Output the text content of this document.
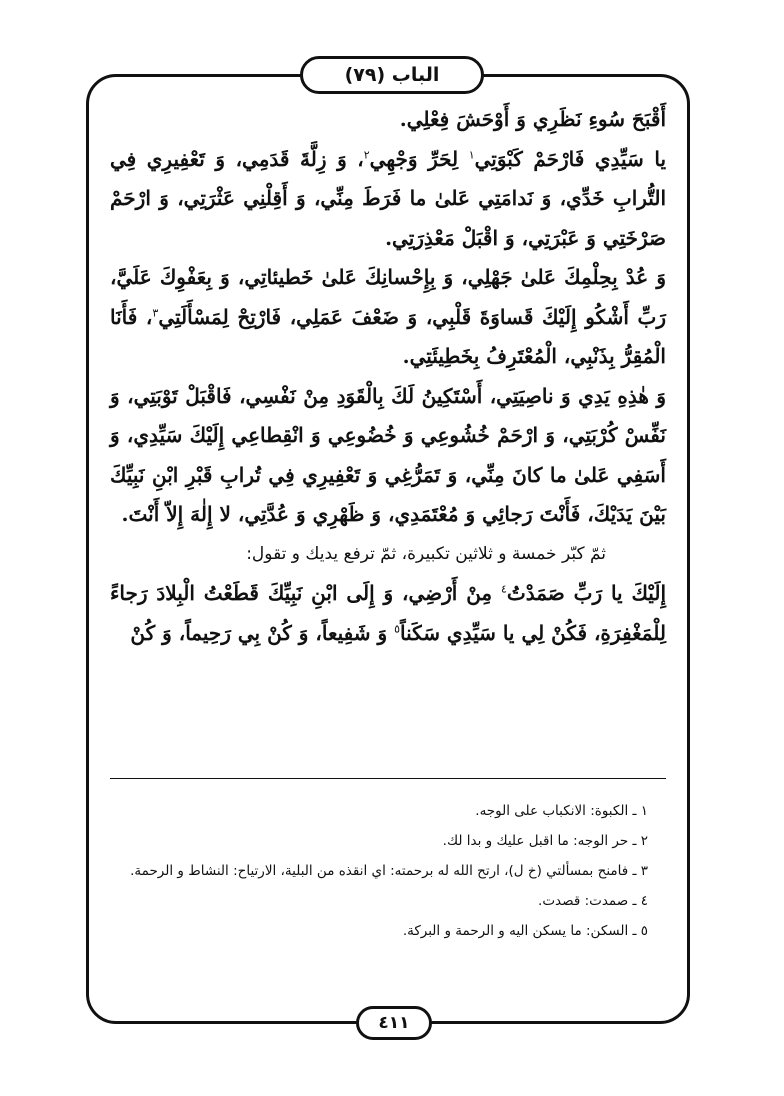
الباب (٧٩)

أَقْبَحَ سُوءِ نَظَرِي وَ أَوْحَشَ فِعْلِي.

يا سَيِّدِي فَارْحَمْ كَبْوَتِي$^١$ لِحَرِّ وَجْهِي$^٢$، وَ زِلَّةَ قَدَمِي، وَ تَعْفِيرِي فِي التُّرابِ خَدِّي، وَ نَدامَتِي عَلىٰ ما فَرَطَ مِنِّي، وَ أَقِلْنِي عَثْرَتِي، وَ ارْحَمْ صَرْخَتِي وَ عَبْرَتِي، وَ اقْبَلْ مَعْذِرَتِي.

وَ عُدْ بِحِلْمِكَ عَلىٰ جَهْلِي، وَ بِإِحْسانِكَ عَلىٰ خَطيئاتِي، وَ بِعَفْوِكَ عَلَيَّ، رَبِّ أَشْكُو إِلَيْكَ قَساوَةَ قَلْبِي، وَ ضَعْفَ عَمَلِي، فَارْتِحْ لِمَسْأَلَتِي$^٣$، فَأَنَا الْمُقِرُّ بِذَنْبِي، الْمُعْتَرِفُ بِخَطِيئَتِي.

وَ هٰذِهِ يَدِي وَ ناصِيَتِي، أَسْتَكِينُ لَكَ بِالْقَوَدِ مِنْ نَفْسِي، فَاقْبَلْ تَوْبَتِي، وَ نَفِّسْ كُرْبَتِي، وَ ارْحَمْ خُشُوعِي وَ خُضُوعِي وَ انْقِطاعِي إِلَيْكَ سَيِّدِي، وَ أَسَفِي عَلىٰ ما كانَ مِنِّي، وَ تَمَرُّغِي وَ تَعْفِيرِي فِي تُرابِ قَبْرِ ابْنِ نَبِيِّكَ بَيْنَ يَدَيْكَ، فَأَنْتَ رَجائِي وَ مُعْتَمَدِي، وَ ظَهْرِي وَ عُدَّتِي، لا إِلٰهَ إِلاّ أَنْتَ.

ثمّ كبّر خمسة و ثلاثين تكبيرة، ثمّ ترفع يديك و تقول:

إِلَيْكَ يا رَبِّ صَمَدْتُ$^٤$ مِنْ أَرْضِي، وَ إِلَى ابْنِ نَبِيِّكَ قَطَعْتُ الْبِلادَ رَجاءً لِلْمَغْفِرَةِ، فَكُنْ لِي يا سَيِّدِي سَكَناً$^٥$ وَ شَفِيعاً، وَ كُنْ بِي رَحِيماً، وَ كُنْ

١ ـ الكبوة: الانكباب على الوجه.
٢ ـ حر الوجه: ما اقبل عليك و بدا لك.
٣ ـ فامنح بمسألتي (خ ل)، ارتح الله له برحمته: اي انقذه من البلية، الارتياح: النشاط و الرحمة.
٤ ـ صمدت: قصدت.
٥ ـ السكن: ما يسكن اليه و الرحمة و البركة.
٤١١
